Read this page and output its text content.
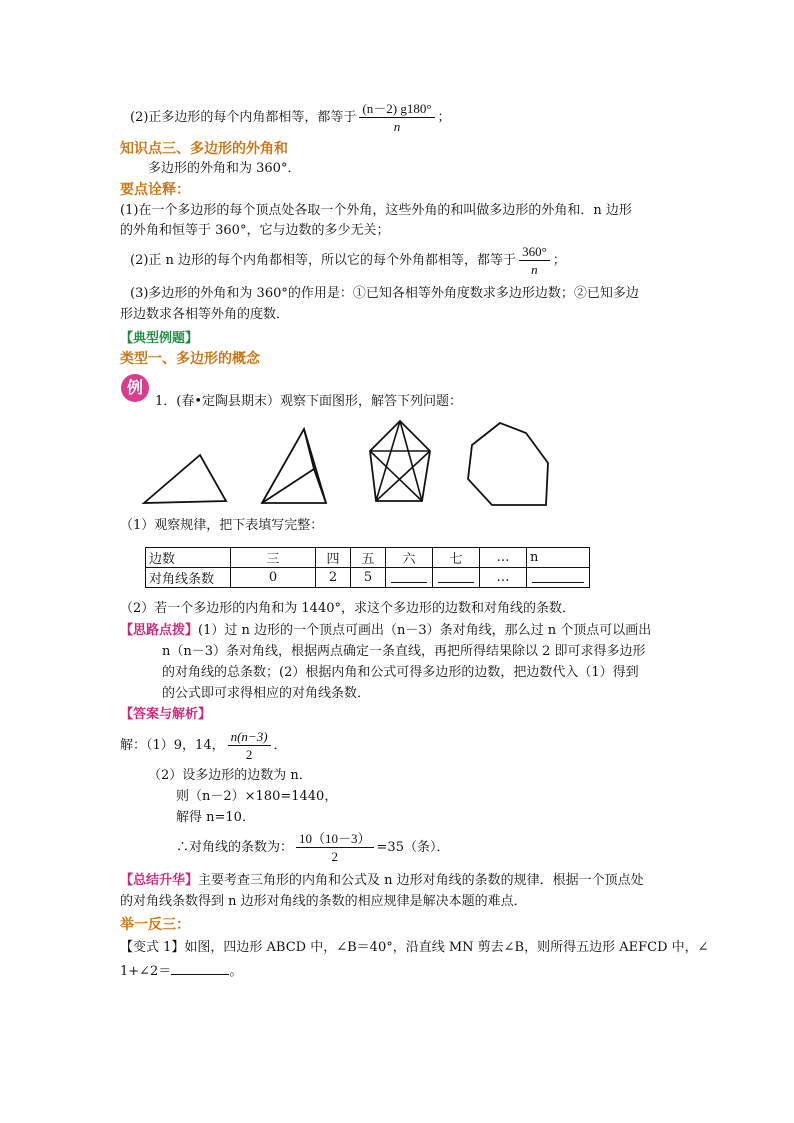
(2)正多边形的每个内角都相等，都等于 $\frac{(n-2) g180^\circ}{n}$ ；
知识点三、多边形的外角和
多边形的外角和为 360°．
要点诠释：
(1)在一个多边形的每个顶点处各取一个外角，这些外角的和叫做多边形的外角和．n 边形
的外角和恒等于 360°，它与边数的多少无关；
(2)正 n 边形的每个内角都相等，所以它的每个外角都相等，都等于 $\frac{360^\circ}{n}$ ；
(3)多边形的外角和为 360°的作用是：①已知各相等外角度数求多边形边数；②已知多边
形边数求各相等外角的度数．
【典型例题】
类型一、多边形的概念
例
1．(春•定陶县期末）观察下面图形，解答下列问题：
（1）观察规律，把下表填写完整：
边数	三	四	五	六	七	…	n
对角线条数	0	2	5			…	
（2）若一个多边形的内角和为 1440°，求这个多边形的边数和对角线的条数．
【思路点拨】(1）过 n 边形的一个顶点可画出（n－3）条对角线，那么过 n 个顶点可以画出
n（n－3）条对角线，根据两点确定一条直线，再把所得结果除以 2 即可求得多边形
的对角线的总条数；(2）根据内角和公式可得多边形的边数，把边数代入（1）得到
的公式即可求得相应的对角线条数．
【答案与解析】
解：（1）9，14， $\frac{n(n-3)}{2}$ ．
（2）设多边形的边数为 n．
则（n－2）×180=1440，
解得 n=10．
∴对角线的条数为： $\frac{10(10-3)}{2} =35$（条）．
【总结升华】主要考查三角形的内角和公式及 n 边形对角线的条数的规律．根据一个顶点处
的对角线条数得到 n 边形对角线的条数的相应规律是解决本题的难点．
举一反三：
【变式 1】如图，四边形 ABCD 中，∠B＝40°，沿直线 MN 剪去∠B，则所得五边形 AEFCD 中，∠
1+∠2＝	。
